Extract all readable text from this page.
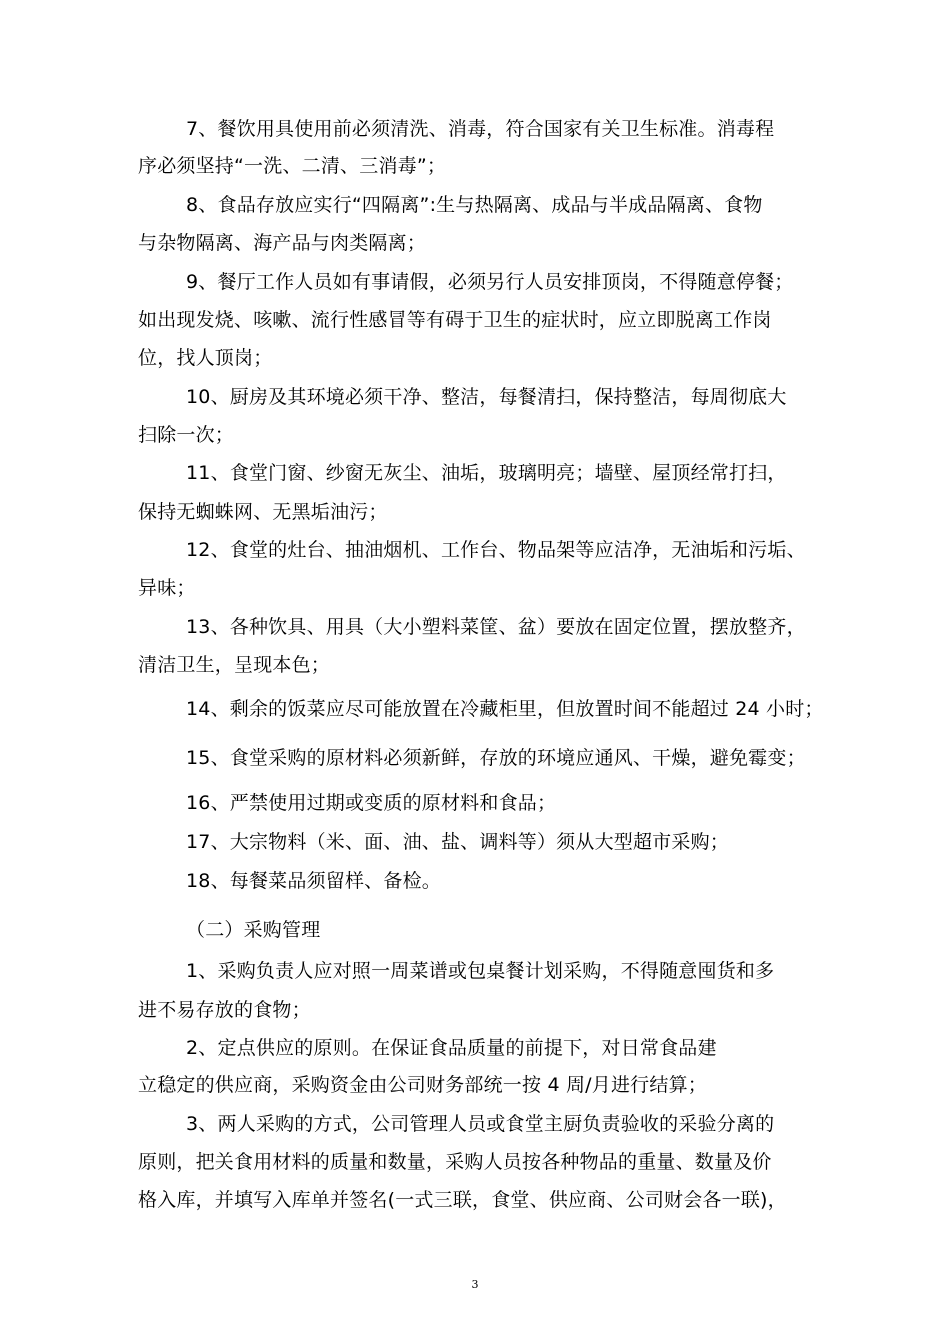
7、餐饮用具使用前必须清洗、消毒，符合国家有关卫生标准。消毒程
序必须坚持“一洗、二清、三消毒”；
8、食品存放应实行“四隔离”:生与热隔离、成品与半成品隔离、食物
与杂物隔离、海产品与肉类隔离；
9、餐厅工作人员如有事请假，必须另行人员安排顶岗，不得随意停餐；
如出现发烧、咳嗽、流行性感冒等有碍于卫生的症状时，应立即脱离工作岗
位，找人顶岗；
10、厨房及其环境必须干净、整洁，每餐清扫，保持整洁，每周彻底大
扫除一次；
11、食堂门窗、纱窗无灰尘、油垢，玻璃明亮；墙壁、屋顶经常打扫，
保持无蜘蛛网、无黑垢油污；
12、食堂的灶台、抽油烟机、工作台、物品架等应洁净，无油垢和污垢、
异味；
13、各种饮具、用具（大小塑料菜筐、盆）要放在固定位置，摆放整齐，
清洁卫生，呈现本色；
14、剩余的饭菜应尽可能放置在冷藏柜里，但放置时间不能超过 24 小时；
15、食堂采购的原材料必须新鲜，存放的环境应通风、干燥，避免霉变；
16、严禁使用过期或变质的原材料和食品；
17、大宗物料（米、面、油、盐、调料等）须从大型超市采购；
18、每餐菜品须留样、备检。
（二）采购管理
1、采购负责人应对照一周菜谱或包桌餐计划采购，不得随意囤货和多
进不易存放的食物；
2、定点供应的原则。在保证食品质量的前提下，对日常食品建
立稳定的供应商，采购资金由公司财务部统一按 4 周/月进行结算；
3、两人采购的方式，公司管理人员或食堂主厨负责验收的采验分离的
原则，把关食用材料的质量和数量，采购人员按各种物品的重量、数量及价
格入库，并填写入库单并签名(一式三联，食堂、供应商、公司财会各一联)，
3
